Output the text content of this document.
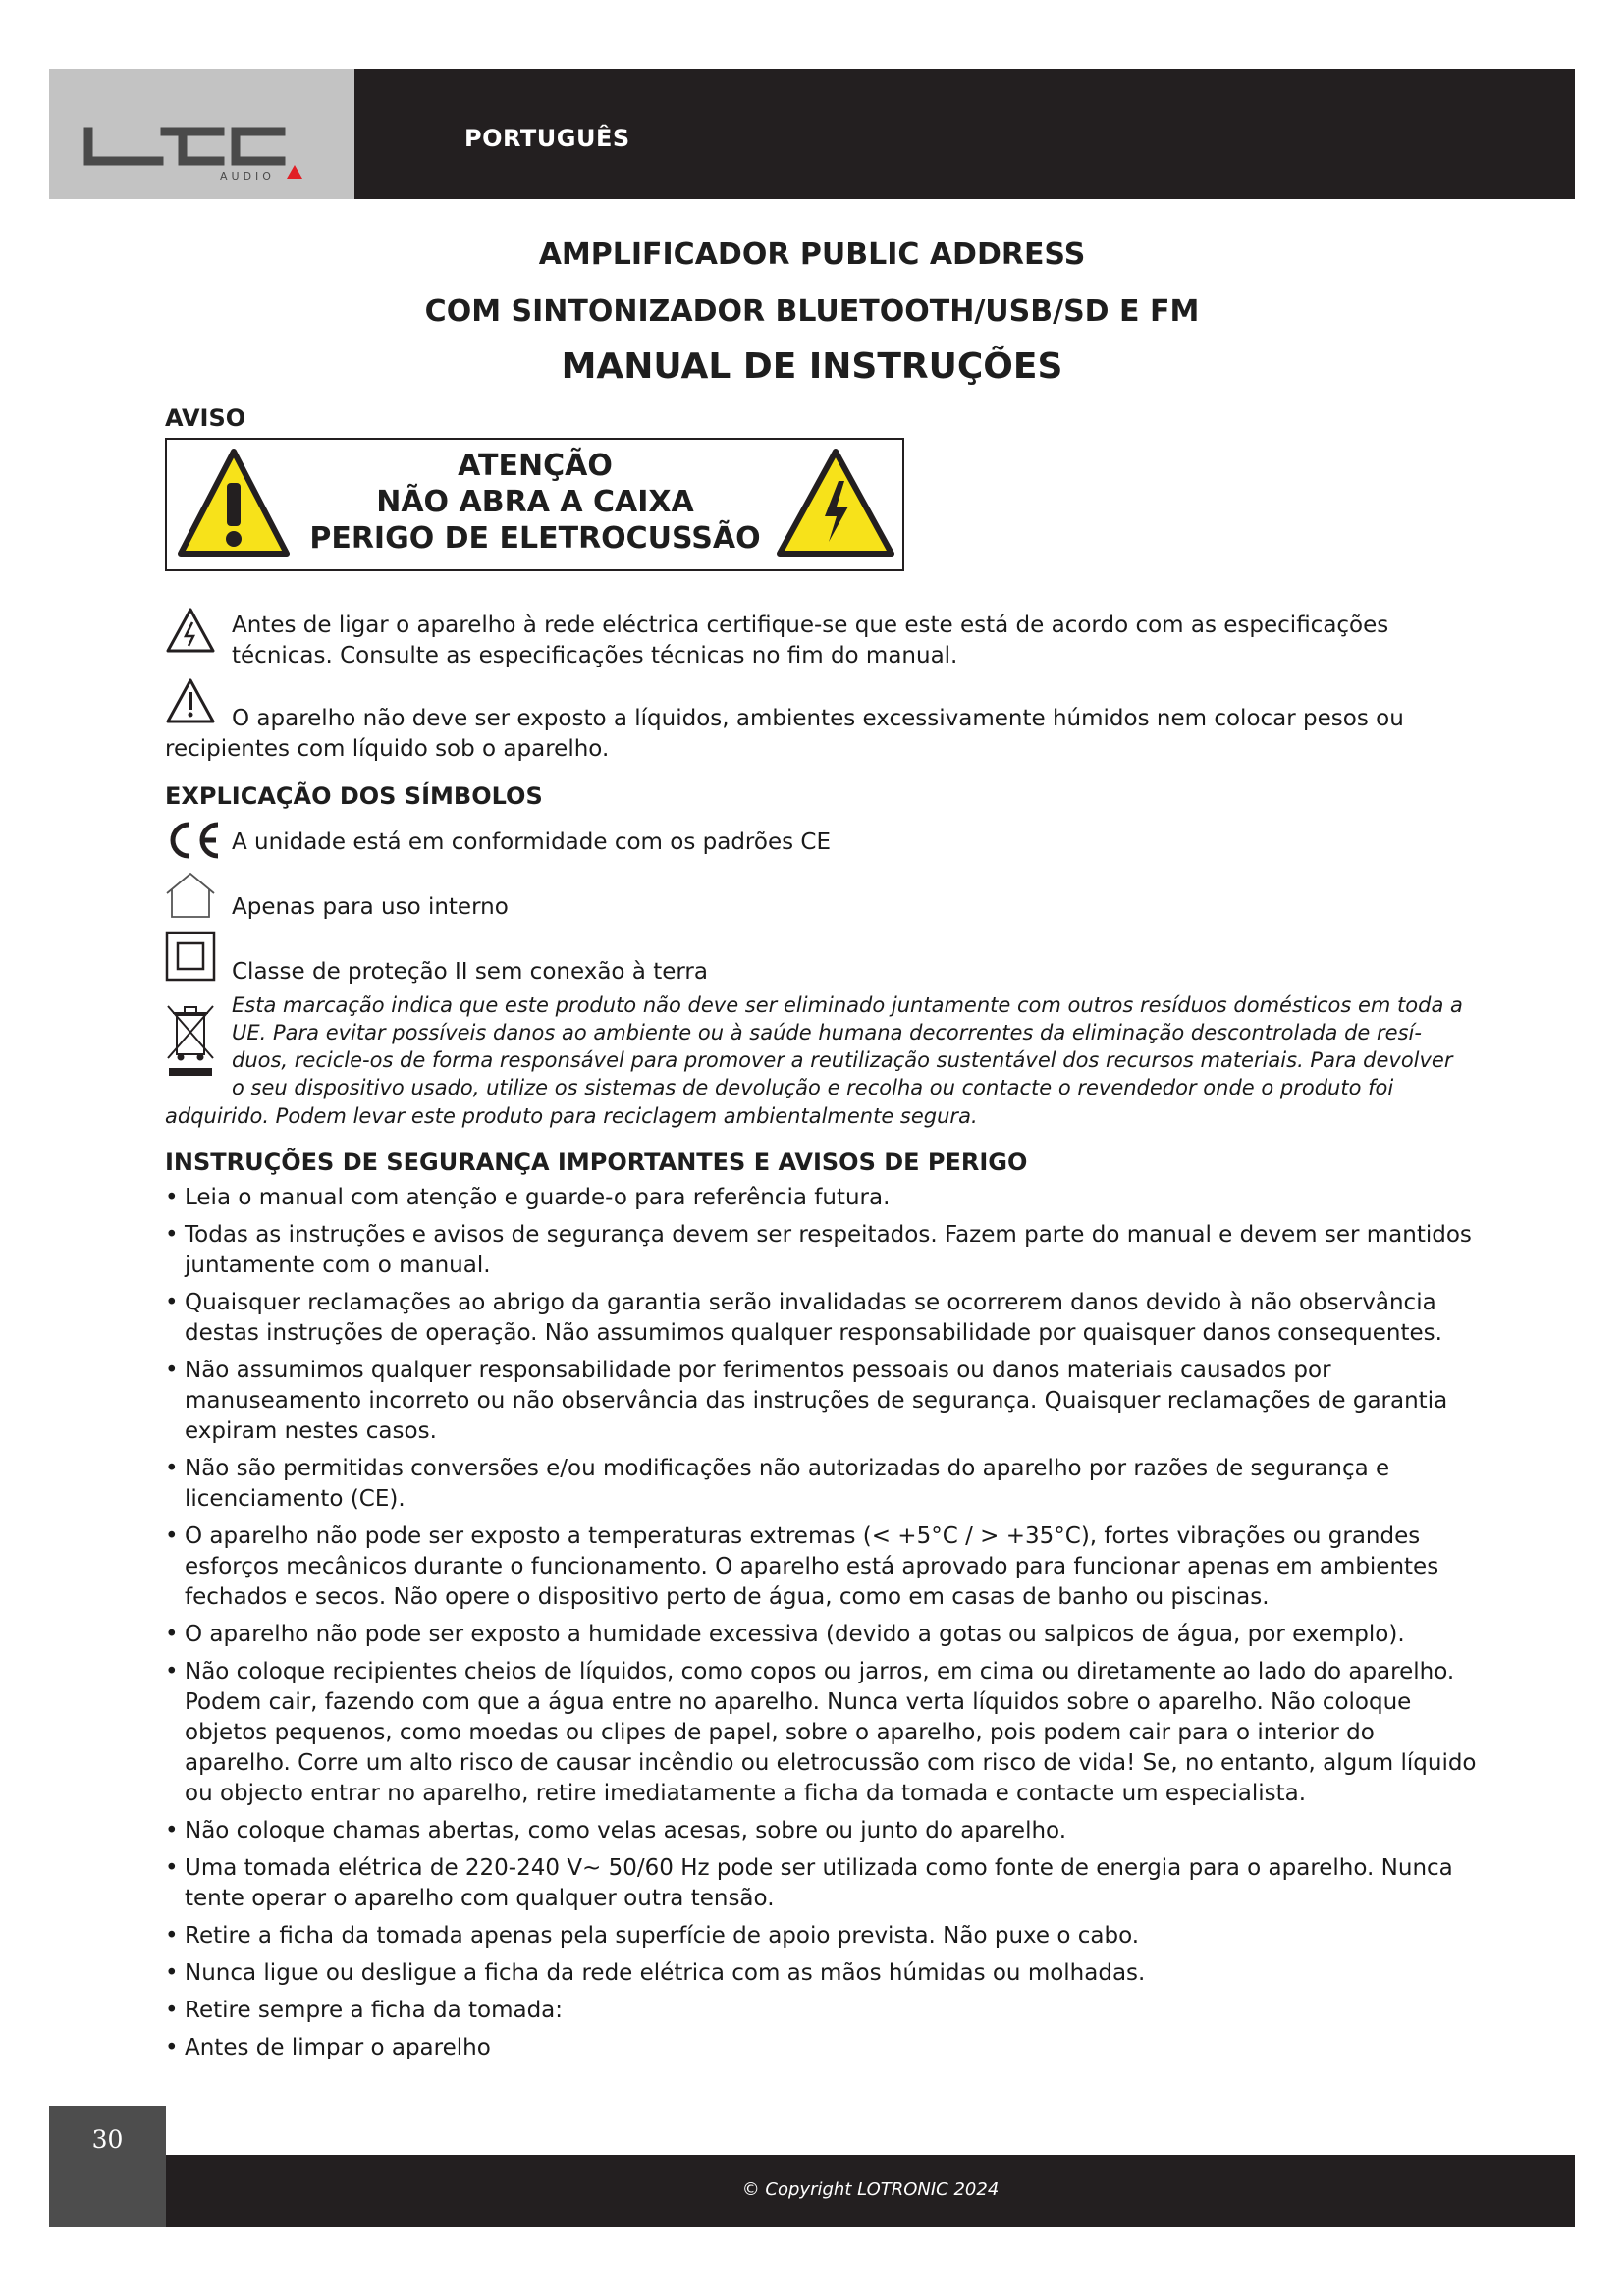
AUDIO
PORTUGUÊS
AMPLIFICADOR PUBLIC ADDRESS
COM SINTONIZADOR BLUETOOTH/USB/SD E FM
MANUAL DE INSTRUÇÕES
AVISO
ATENÇÃO
NÃO ABRA A CAIXA
PERIGO DE ELETROCUSSÃO
Antes de ligar o aparelho à rede eléctrica certifique-se que este está de acordo com as especificações
técnicas. Consulte as especificações técnicas no fim do manual.
O aparelho não deve ser exposto a líquidos, ambientes excessivamente húmidos nem colocar pesos ou
recipientes com líquido sob o aparelho.
EXPLICAÇÃO DOS SÍMBOLOS
A unidade está em conformidade com os padrões CE
Apenas para uso interno
Classe de proteção II sem conexão à terra
Esta marcação indica que este produto não deve ser eliminado juntamente com outros resíduos domésticos em toda a
UE. Para evitar possíveis danos ao ambiente ou à saúde humana decorrentes da eliminação descontrolada de resí-
duos, recicle-os de forma responsável para promover a reutilização sustentável dos recursos materiais. Para devolver
o seu dispositivo usado, utilize os sistemas de devolução e recolha ou contacte o revendedor onde o produto foi
adquirido. Podem levar este produto para reciclagem ambientalmente segura.
INSTRUÇÕES DE SEGURANÇA IMPORTANTES E AVISOS DE PERIGO
• Leia o manual com atenção e guarde-o para referência futura.
• Todas as instruções e avisos de segurança devem ser respeitados. Fazem parte do manual e devem ser mantidos juntamente com o manual.
• Quaisquer reclamações ao abrigo da garantia serão invalidadas se ocorrerem danos devido à não observância destas instruções de operação. Não assumimos qualquer responsabilidade por quaisquer danos consequentes.
• Não assumimos qualquer responsabilidade por ferimentos pessoais ou danos materiais causados por manuseamento incorreto ou não observância das instruções de segurança. Quaisquer reclamações de garantia expiram nestes casos.
• Não são permitidas conversões e/ou modificações não autorizadas do aparelho por razões de segurança e licenciamento (CE).
• O aparelho não pode ser exposto a temperaturas extremas (< +5°C / > +35°C), fortes vibrações ou grandes esforços mecânicos durante o funcionamento. O aparelho está aprovado para funcionar apenas em ambientes fechados e secos. Não opere o dispositivo perto de água, como em casas de banho ou piscinas.
• O aparelho não pode ser exposto a humidade excessiva (devido a gotas ou salpicos de água, por exemplo).
• Não coloque recipientes cheios de líquidos, como copos ou jarros, em cima ou diretamente ao lado do aparelho. Podem cair, fazendo com que a água entre no aparelho. Nunca verta líquidos sobre o aparelho. Não coloque objetos pequenos, como moedas ou clipes de papel, sobre o aparelho, pois podem cair para o interior do aparelho. Corre um alto risco de causar incêndio ou eletrocussão com risco de vida! Se, no entanto, algum líquido ou objecto entrar no aparelho, retire imediatamente a ficha da tomada e contacte um especialista.
• Não coloque chamas abertas, como velas acesas, sobre ou junto do aparelho.
• Uma tomada elétrica de 220-240 V~ 50/60 Hz pode ser utilizada como fonte de energia para o aparelho. Nunca tente operar o aparelho com qualquer outra tensão.
• Retire a ficha da tomada apenas pela superfície de apoio prevista. Não puxe o cabo.
• Nunca ligue ou desligue a ficha da rede elétrica com as mãos húmidas ou molhadas.
• Retire sempre a ficha da tomada:
• Antes de limpar o aparelho
30
© Copyright LOTRONIC 2024
